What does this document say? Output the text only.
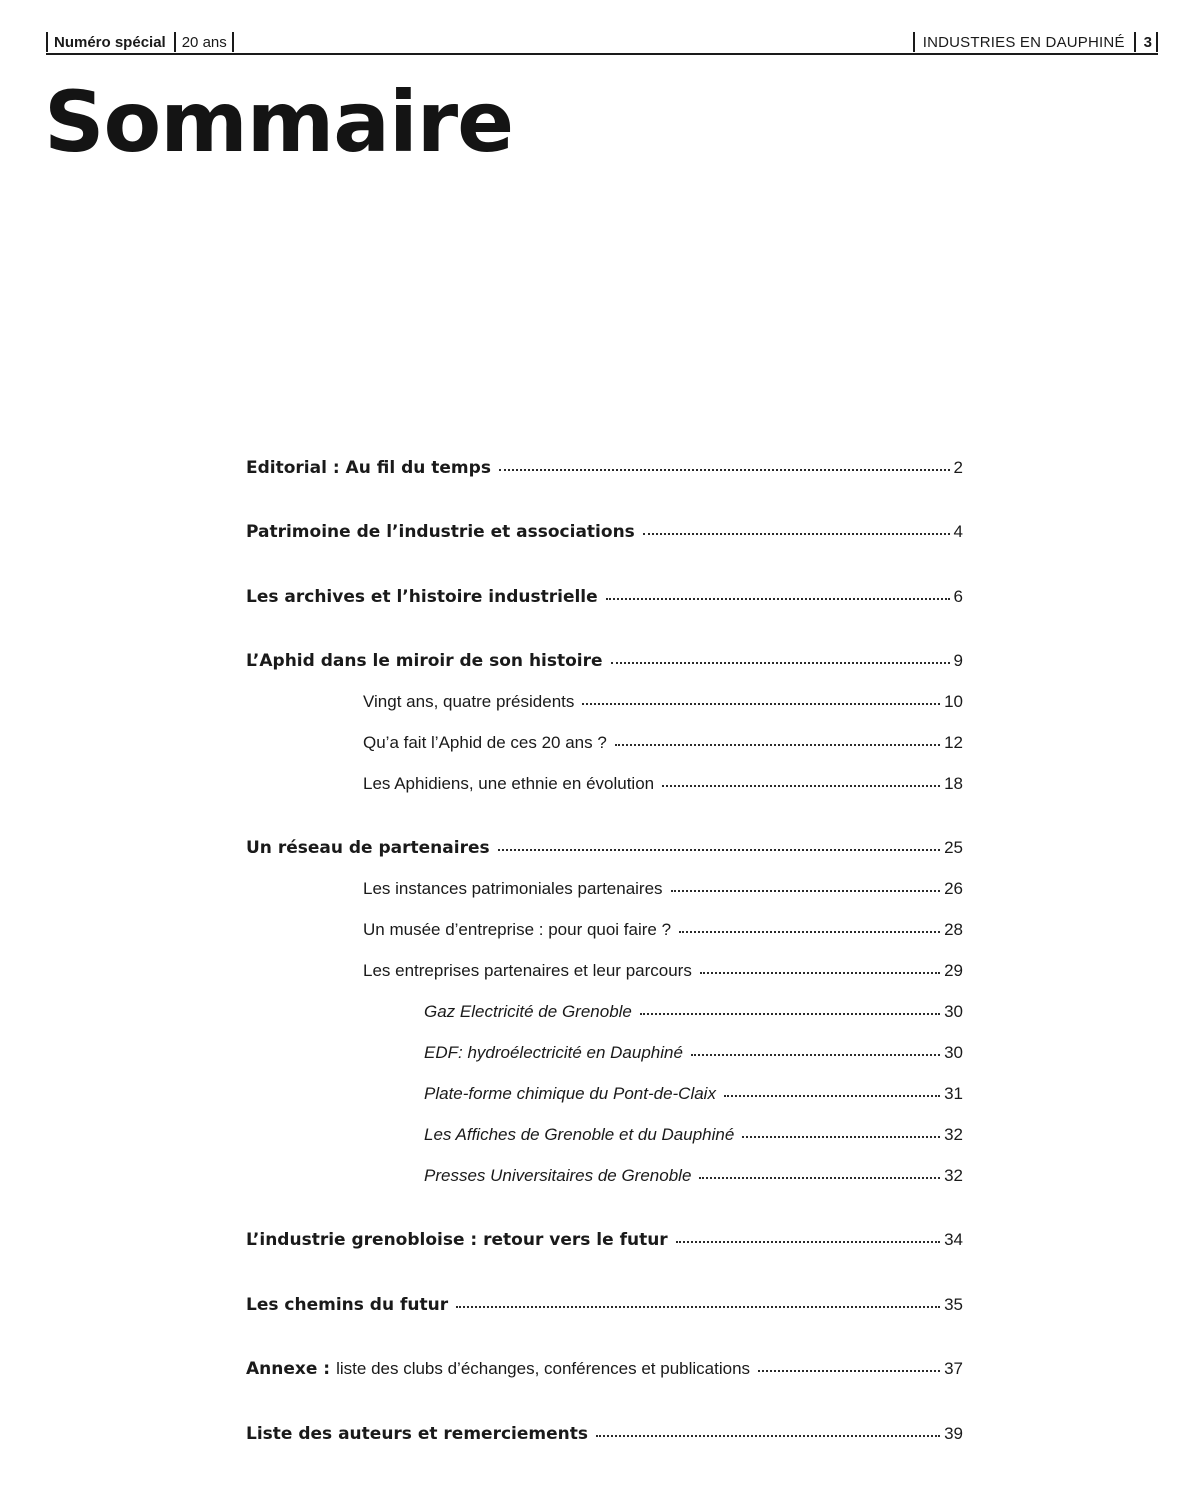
Numéro spécial	20 ans	INDUSTRIES EN DAUPHINÉ	3
Sommaire
Editorial : Au fil du temps	2
Patrimoine de l’industrie et associations	4
Les archives et l’histoire industrielle	6
L’Aphid dans le miroir de son histoire	9
Vingt ans, quatre présidents	10
Qu’a fait l’Aphid de ces 20 ans ?	12
Les Aphidiens, une ethnie en évolution	18
Un réseau de partenaires	25
Les instances patrimoniales partenaires	26
Un musée d’entreprise : pour quoi faire ?	28
Les entreprises partenaires et leur parcours	29
Gaz Electricité de Grenoble	30
EDF: hydroélectricité en Dauphiné	30
Plate-forme chimique du Pont-de-Claix	31
Les Affiches de Grenoble et du Dauphiné	32
Presses Universitaires de Grenoble	32
L’industrie grenobloise : retour vers le futur	34
Les chemins du futur	35
Annexe : liste des clubs d’échanges, conférences et publications	37
Liste des auteurs et remerciements	39
